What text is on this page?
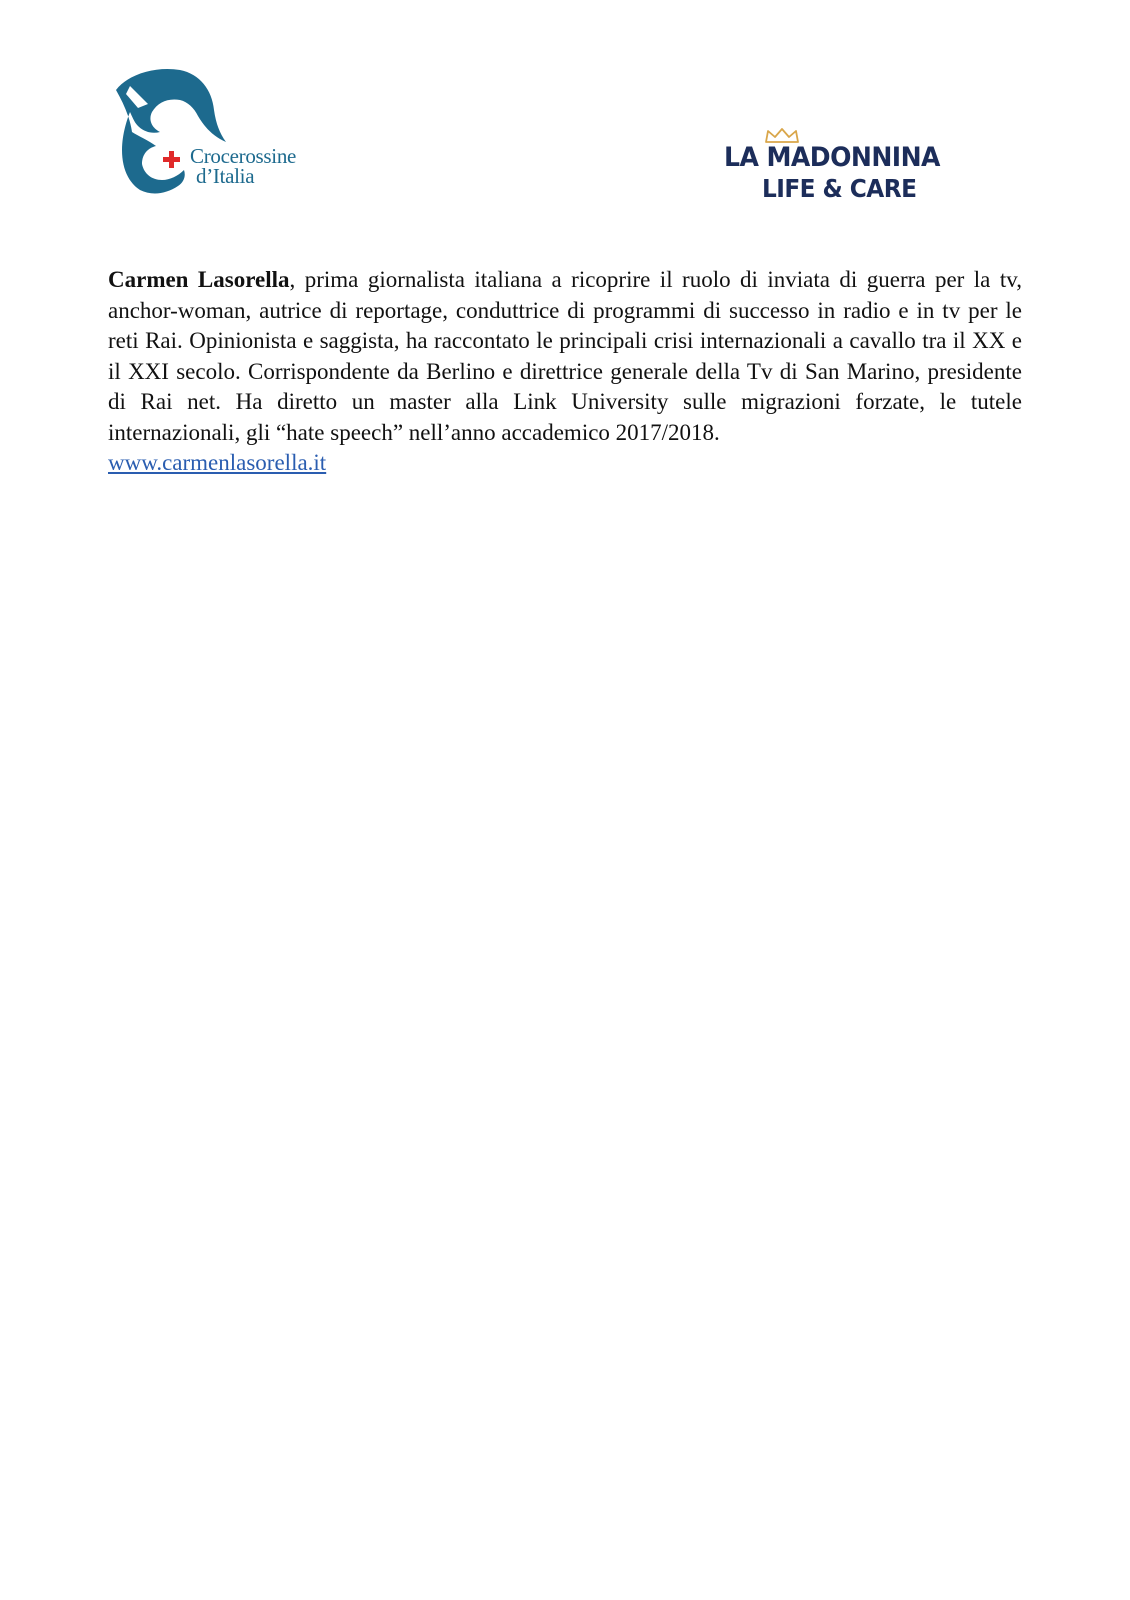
Crocerossine
d’Italia
LA MADONNINA
LIFE & CARE
Carmen Lasorella, prima giornalista italiana a ricoprire il ruolo di inviata di guerra per la tv, anchor-woman, autrice di reportage, conduttrice di programmi di successo in radio e in tv per le reti Rai. Opinionista e saggista, ha raccontato le principali crisi internazionali a cavallo tra il XX e il XXI secolo. Corrispondente da Berlino e direttrice generale della Tv di San Marino, presidente di Rai net. Ha diretto un master alla Link University sulle migrazioni forzate, le tutele internazionali, gli “hate speech” nell’anno accademico 2017/2018.
www.carmenlasorella.it
